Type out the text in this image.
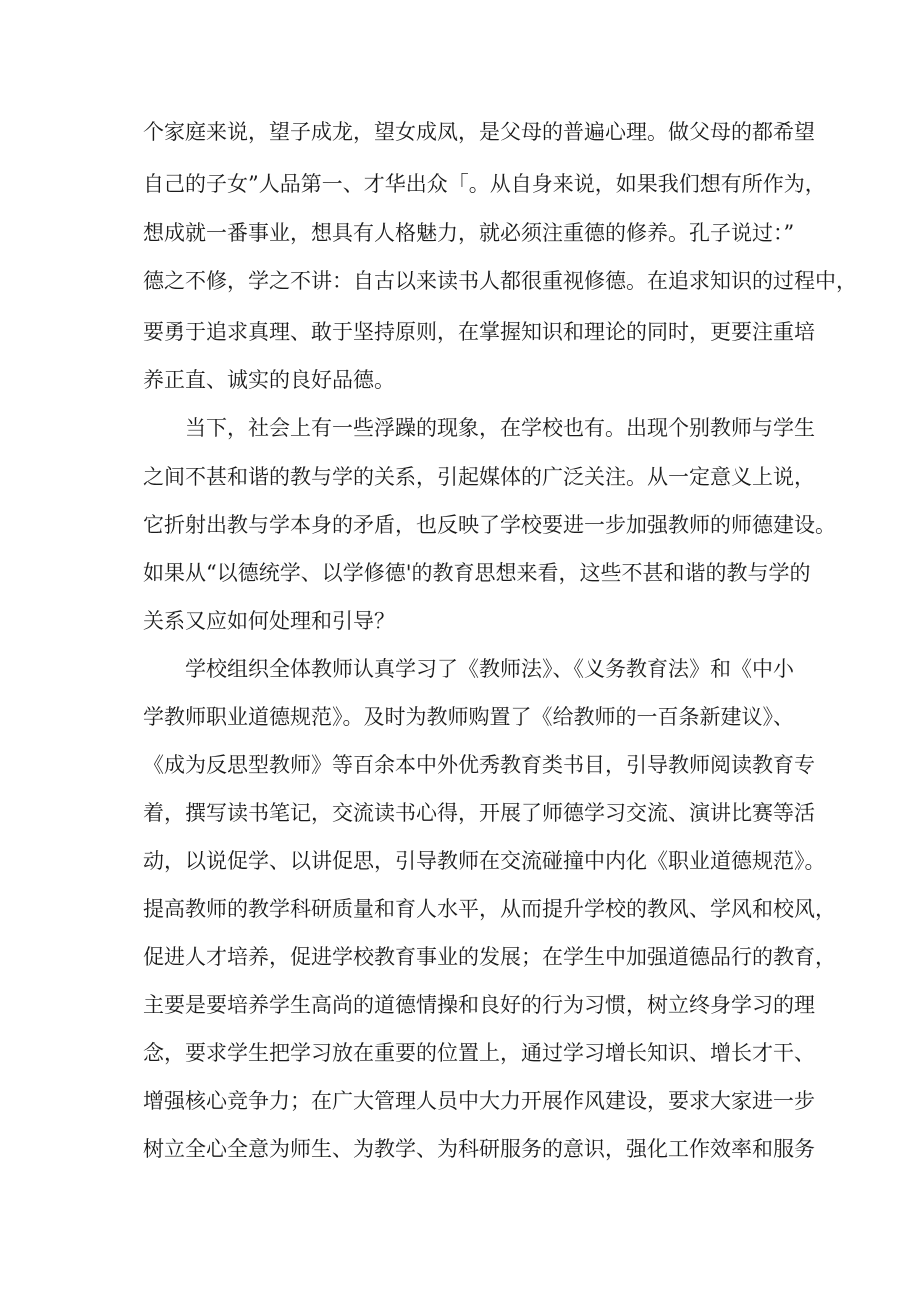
个家庭来说，望子成龙，望女成凤，是父母的普遍心理。做父母的都希望
自己的子女”人品第一、才华出众「。从自身来说，如果我们想有所作为，
想成就一番事业，想具有人格魅力，就必须注重德的修养。孔子说过：”
德之不修，学之不讲：自古以来读书人都很重视修德。在追求知识的过程中，
要勇于追求真理、敢于坚持原则，在掌握知识和理论的同时，更要注重培
养正直、诚实的良好品德。
当下，社会上有一些浮躁的现象，在学校也有。出现个别教师与学生
之间不甚和谐的教与学的关系，引起媒体的广泛关注。从一定意义上说，
它折射出教与学本身的矛盾，也反映了学校要进一步加强教师的师德建设。
如果从“以德统学、以学修德'的教育思想来看，这些不甚和谐的教与学的
关系又应如何处理和引导？
学校组织全体教师认真学习了《教师法》、《义务教育法》和《中小
学教师职业道德规范》。及时为教师购置了《给教师的一百条新建议》、
《成为反思型教师》等百余本中外优秀教育类书目，引导教师阅读教育专
着，撰写读书笔记，交流读书心得，开展了师德学习交流、演讲比赛等活
动，以说促学、以讲促思，引导教师在交流碰撞中内化《职业道德规范》。
提高教师的教学科研质量和育人水平，从而提升学校的教风、学风和校风，
促进人才培养，促进学校教育事业的发展；在学生中加强道德品行的教育，
主要是要培养学生高尚的道德情操和良好的行为习惯，树立终身学习的理
念，要求学生把学习放在重要的位置上，通过学习增长知识、增长才干、
增强核心竞争力；在广大管理人员中大力开展作风建设，要求大家进一步
树立全心全意为师生、为教学、为科研服务的意识，强化工作效率和服务
